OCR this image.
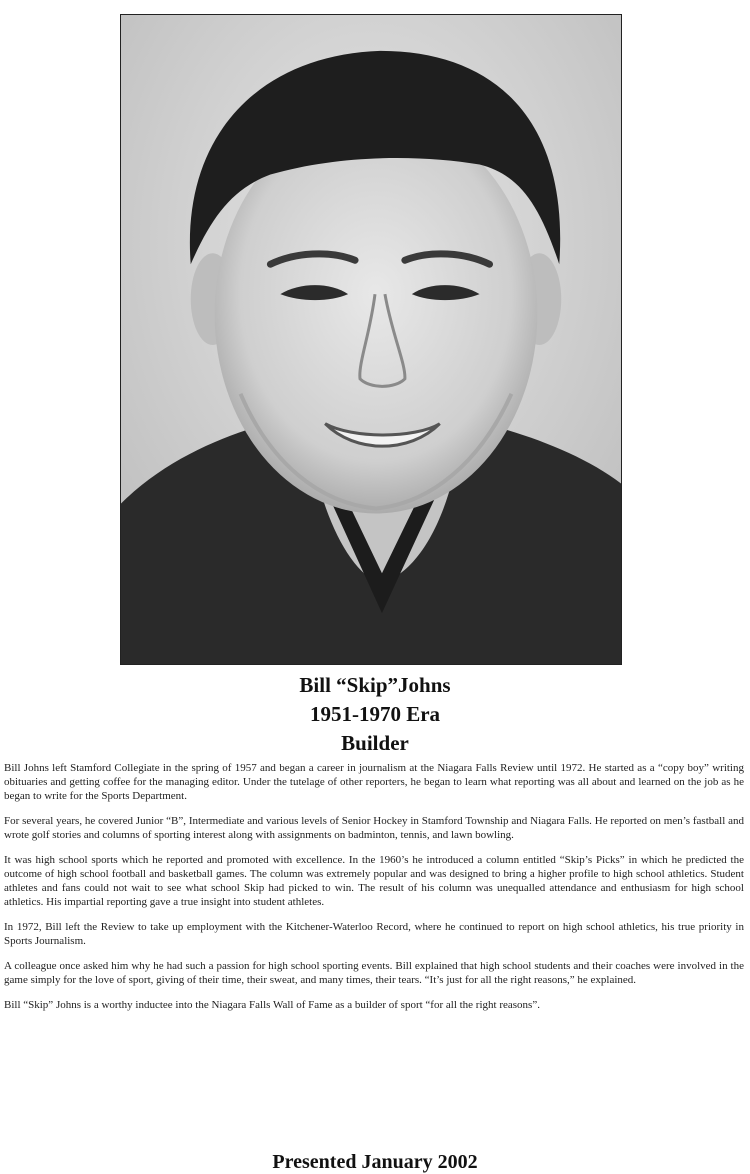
Bill “Skip”Johns
1951-1970 Era
Builder

Bill Johns left Stamford Collegiate in the spring of 1957 and began a career in journalism at the Niagara Falls Review until 1972. He started as a “copy boy” writing obituaries and getting coffee for the managing editor. Under the tutelage of other reporters, he began to learn what reporting was all about and learned on the job as he began to write for the Sports Department.

For several years, he covered Junior “B”, Intermediate and various levels of Senior Hockey in Stamford Township and Niagara Falls. He reported on men’s fastball and wrote golf stories and columns of sporting interest along with assignments on badminton, tennis, and lawn bowling.

It was high school sports which he reported and promoted with excellence. In the 1960’s he introduced a column entitled “Skip’s Picks” in which he predicted the outcome of high school football and basketball games. The column was extremely popular and was designed to bring a higher profile to high school athletics. Student athletes and fans could not wait to see what school Skip had picked to win. The result of his column was unequalled attendance and enthusiasm for high school athletics. His impartial reporting gave a true insight into student athletes.

In 1972, Bill left the Review to take up employment with the Kitchener-Waterloo Record, where he continued to report on high school athletics, his true priority in Sports Journalism.

A colleague once asked him why he had such a passion for high school sporting events. Bill explained that high school students and their coaches were involved in the game simply for the love of sport, giving of their time, their sweat, and many times, their tears. “It’s just for all the right reasons,” he explained.

Bill “Skip” Johns is a worthy inductee into the Niagara Falls Wall of Fame as a builder of sport “for all the right reasons”.

Presented January 2002
